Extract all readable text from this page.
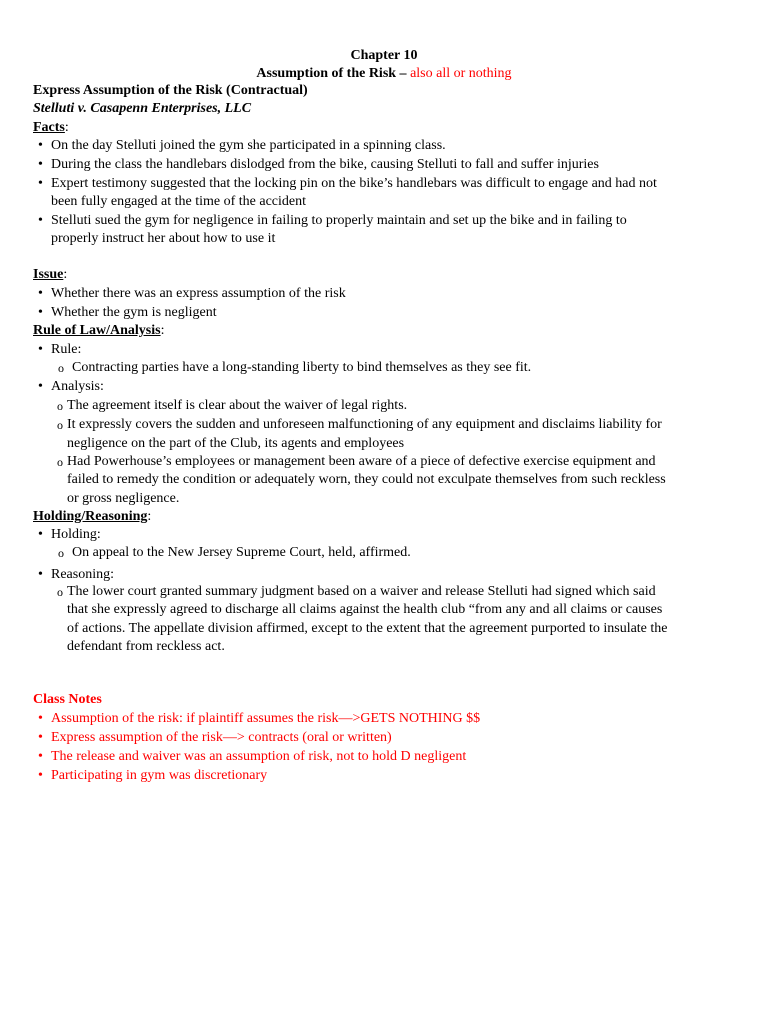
Chapter 10
Assumption of the Risk – also all or nothing
Express Assumption of the Risk (Contractual)
Stelluti v. Casapenn Enterprises, LLC
Facts:
• On the day Stelluti joined the gym she participated in a spinning class.
• During the class the handlebars dislodged from the bike, causing Stelluti to fall and suffer injuries
• Expert testimony suggested that the locking pin on the bike’s handlebars was difficult to engage and had not
been fully engaged at the time of the accident
• Stelluti sued the gym for negligence in failing to properly maintain and set up the bike and in failing to
properly instruct her about how to use it
Issue:
• Whether there was an express assumption of the risk
• Whether the gym is negligent
Rule of Law/Analysis:
• Rule:
o Contracting parties have a long-standing liberty to bind themselves as they see fit.
• Analysis:
o The agreement itself is clear about the waiver of legal rights.
o It expressly covers the sudden and unforeseen malfunctioning of any equipment and disclaims liability for
negligence on the part of the Club, its agents and employees
o Had Powerhouse’s employees or management been aware of a piece of defective exercise equipment and
failed to remedy the condition or adequately worn, they could not exculpate themselves from such reckless
or gross negligence.
Holding/Reasoning:
• Holding:
o On appeal to the New Jersey Supreme Court, held, affirmed.
• Reasoning:
o The lower court granted summary judgment based on a waiver and release Stelluti had signed which said
that she expressly agreed to discharge all claims against the health club “from any and all claims or causes
of actions. The appellate division affirmed, except to the extent that the agreement purported to insulate the
defendant from reckless act.
Class Notes
• Assumption of the risk: if plaintiff assumes the risk—>GETS NOTHING $$
• Express assumption of the risk—> contracts (oral or written)
• The release and waiver was an assumption of risk, not to hold D negligent
• Participating in gym was discretionary
